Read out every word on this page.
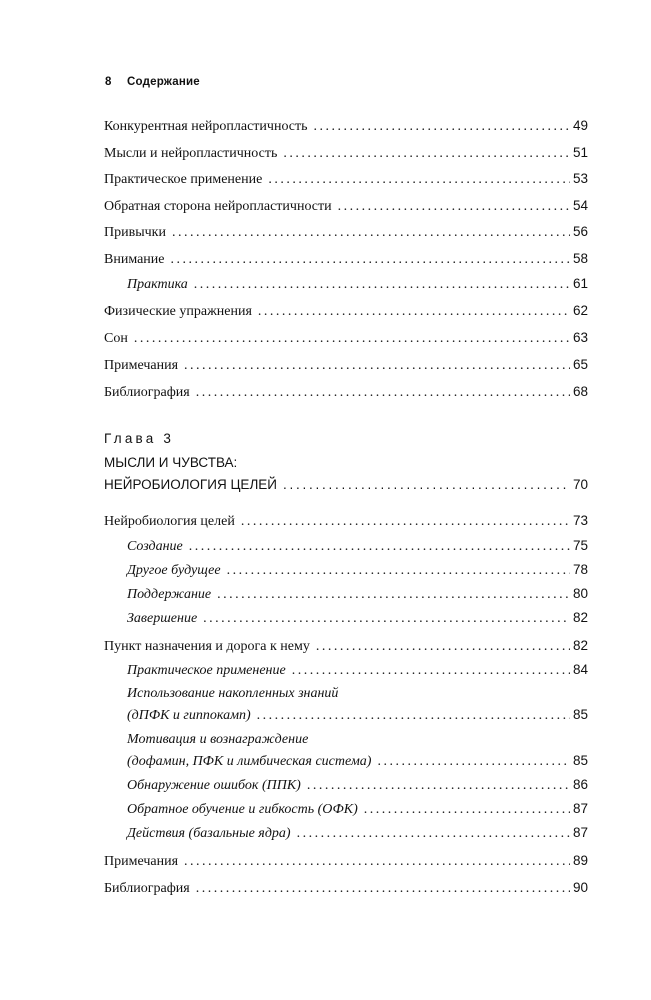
8 Содержание
Конкурентная нейропластичность . . .	49
Мысли и нейропластичность . . .	51
Практическое применение . . .	53
Обратная сторона нейропластичности . . .	54
Привычки . . .	56
Внимание . . .	58
Практика . . .	61
Физические упражнения . . .	62
Сон . . .	63
Примечания . . .	65
Библиография . . .	68
Глава 3
МЫСЛИ И ЧУВСТВА:
НЕЙРОБИОЛОГИЯ ЦЕЛЕЙ . . .	70
Нейробиология целей . . .	73
Создание . . .	75
Другое будущее . . .	78
Поддержание . . .	80
Завершение . . .	82
Пункт назначения и дорога к нему . . .	82
Практическое применение . . .	84
Использование накопленных знаний
(дПФК и гиппокамп) . . .	85
Мотивация и вознаграждение
(дофамин, ПФК и лимбическая система) . . .	85
Обнаружение ошибок (ППК) . . .	86
Обратное обучение и гибкость (ОФК) . . .	87
Действия (базальные ядра) . . .	87
Примечания . . .	89
Библиография . . .	90
